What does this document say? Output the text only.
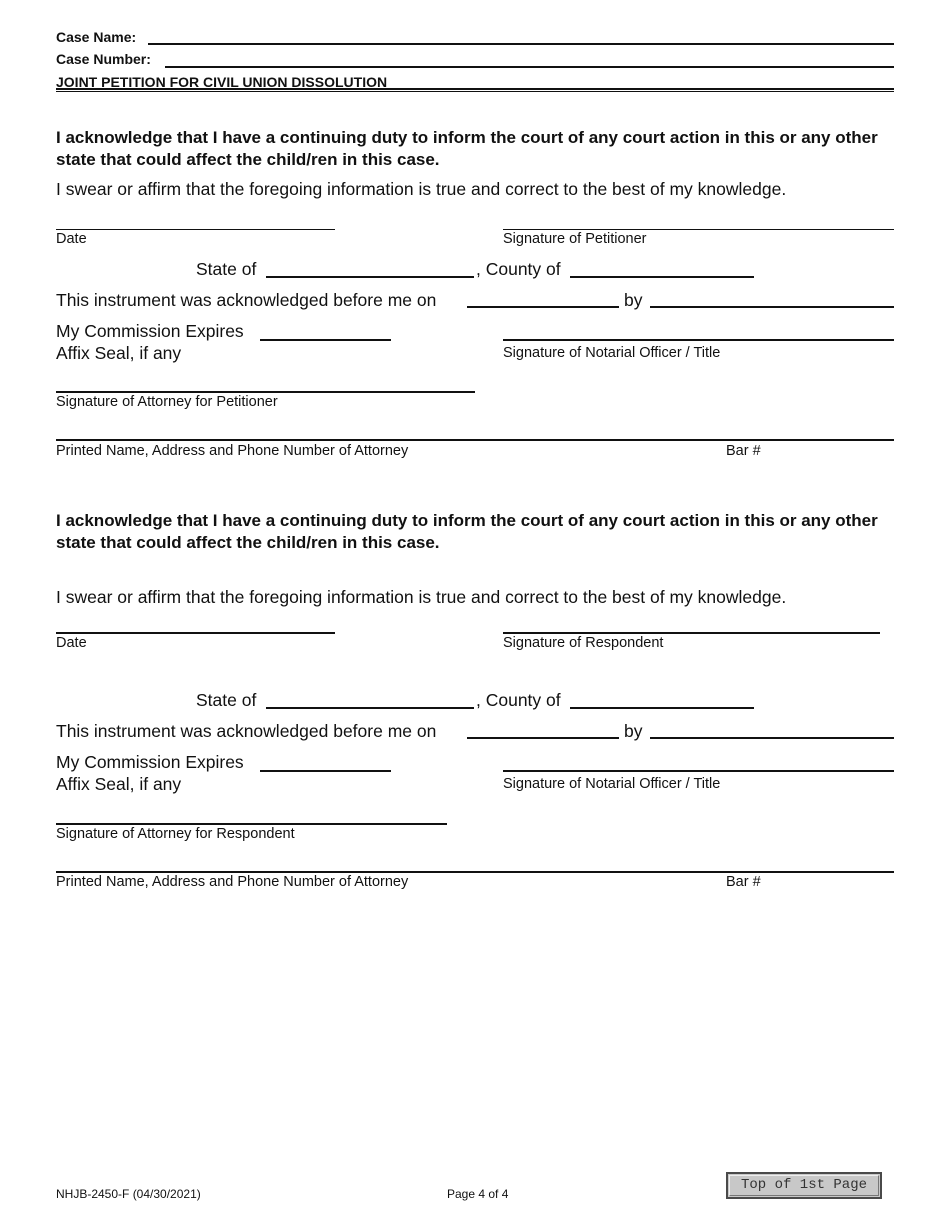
Case Name:
Case Number:
JOINT PETITION FOR CIVIL UNION DISSOLUTION
I acknowledge that I have a continuing duty to inform the court of any court action in this or any other state that could affect the child/ren in this case.
I swear or affirm that the foregoing information is true and correct to the best of my knowledge.
Date	Signature of Petitioner
State of	, County of
This instrument was acknowledged before me on	by
My Commission Expires
Affix Seal, if any	Signature of Notarial Officer / Title
Signature of Attorney for Petitioner
Printed Name, Address and Phone Number of Attorney	Bar #
I acknowledge that I have a continuing duty to inform the court of any court action in this or any other state that could affect the child/ren in this case.
I swear or affirm that the foregoing information is true and correct to the best of my knowledge.
Date	Signature of Respondent
State of	, County of
This instrument was acknowledged before me on	by
My Commission Expires
Affix Seal, if any	Signature of Notarial Officer / Title
Signature of Attorney for Respondent
Printed Name, Address and Phone Number of Attorney	Bar #
NHJB-2450-F (04/30/2021)	Page 4 of 4
Top of 1st Page
